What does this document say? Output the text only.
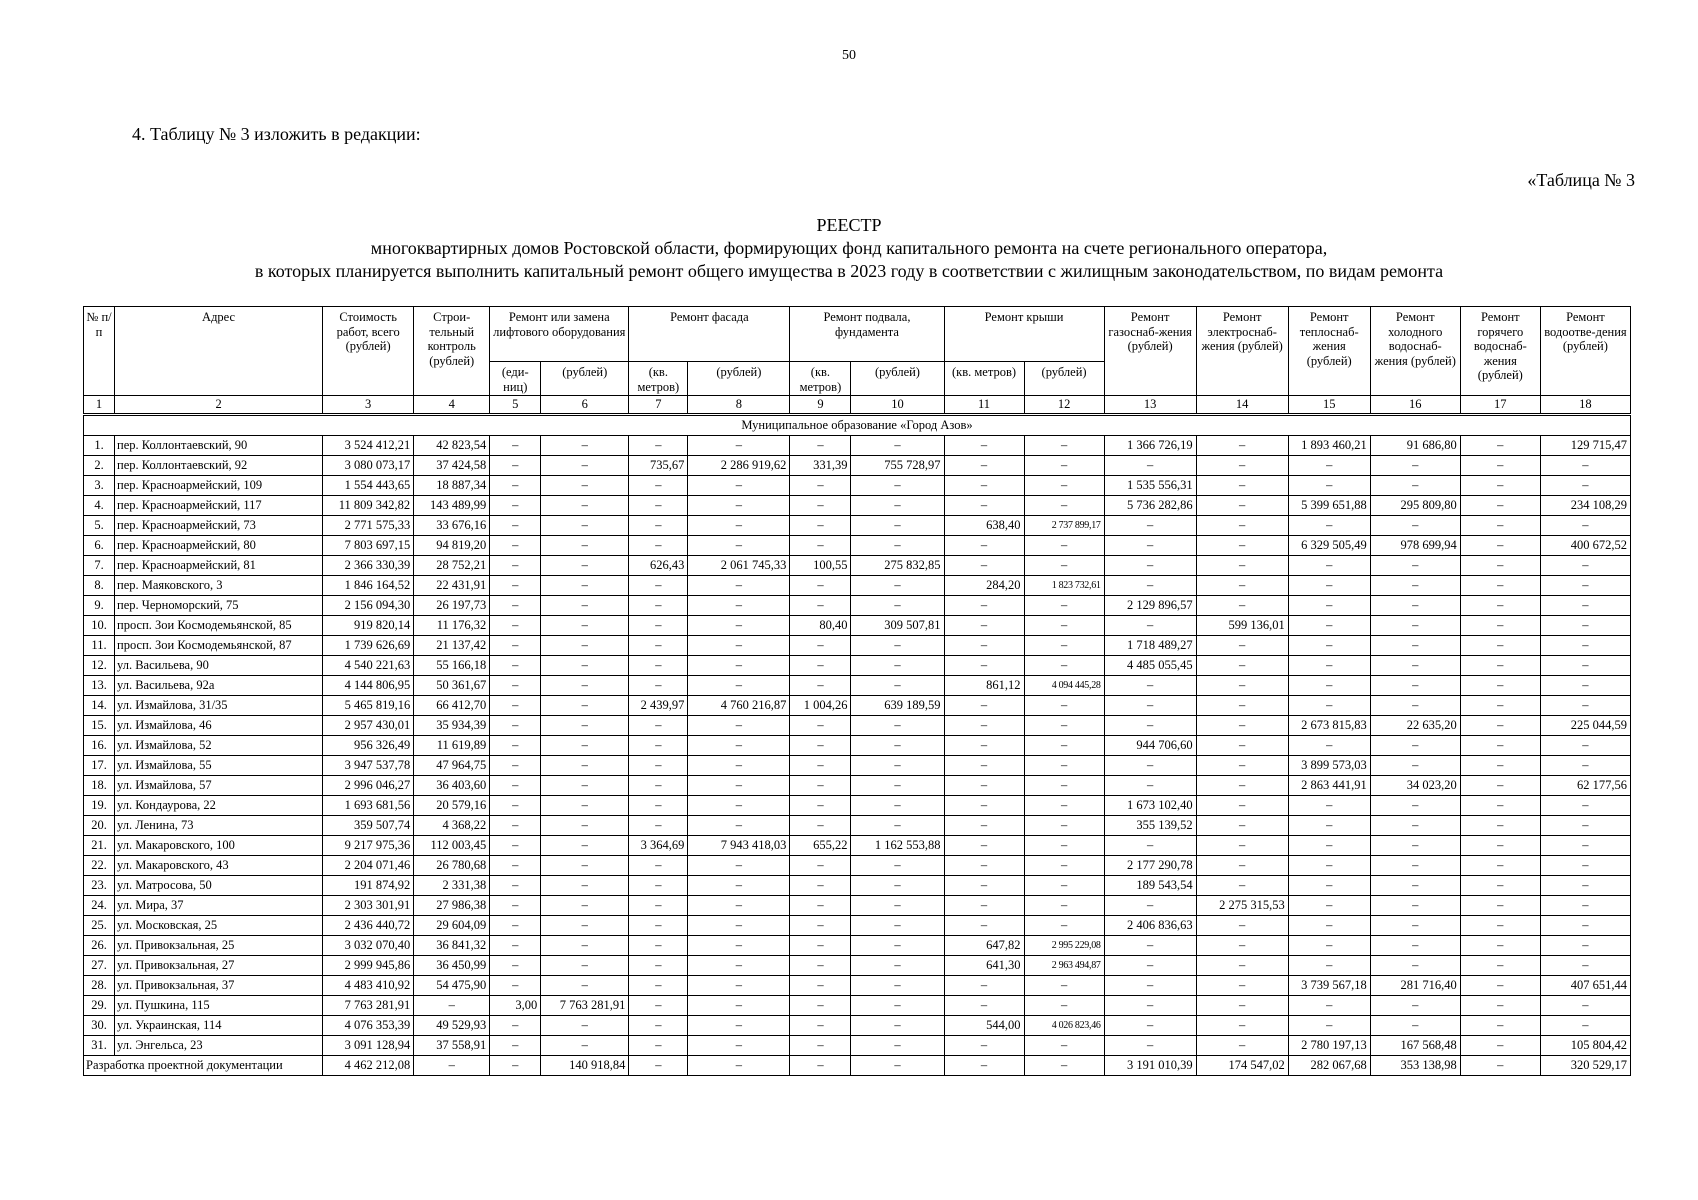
50
4. Таблицу № 3 изложить в редакции:
«Таблица № 3
РЕЕСТР
многоквартирных домов Ростовской области, формирующих фонд капитального ремонта на счете регионального оператора,
в которых планируется выполнить капитальный ремонт общего имущества в 2023 году в соответствии с жилищным законодательством, по видам ремонта
№ п/п	Адрес	Стоимость работ, всего (рублей)	Строи-тельный контроль (рублей)	Ремонт или замена лифтового оборудования		Ремонт фасада		Ремонт подвала, фундамента		Ремонт крыши		Ремонт газоснаб-жения (рублей)	Ремонт электроснаб-жения (рублей)	Ремонт теплоснаб-жения (рублей)	Ремонт холодного водоснаб-жения (рублей)	Ремонт горячего водоснаб-жения (рублей)	Ремонт водоотве-дения (рублей)
				(еди-ниц)	(рублей)	(кв. метров)	(рублей)	(кв. метров)	(рублей)	(кв. метров)	(рублей)						
1	2	3	4	5	6	7	8	9	10	11	12	13	14	15	16	17	18
Муниципальное образование «Город Азов»																	
1.	пер. Коллонтаевский, 90	3 524 412,21	42 823,54	–	–	–	–	–	–	–	–	1 366 726,19	–	1 893 460,21	91 686,80	–	129 715,47
2.	пер. Коллонтаевский, 92	3 080 073,17	37 424,58	–	–	735,67	2 286 919,62	331,39	755 728,97	–	–	–	–	–	–	–	–
3.	пер. Красноармейский, 109	1 554 443,65	18 887,34	–	–	–	–	–	–	–	–	1 535 556,31	–	–	–	–	–
4.	пер. Красноармейский, 117	11 809 342,82	143 489,99	–	–	–	–	–	–	–	–	5 736 282,86	–	5 399 651,88	295 809,80	–	234 108,29
5.	пер. Красноармейский, 73	2 771 575,33	33 676,16	–	–	–	–	–	–	638,40	2 737 899,17	–	–	–	–	–	–
6.	пер. Красноармейский, 80	7 803 697,15	94 819,20	–	–	–	–	–	–	–	–	–	–	6 329 505,49	978 699,94	–	400 672,52
7.	пер. Красноармейский, 81	2 366 330,39	28 752,21	–	–	626,43	2 061 745,33	100,55	275 832,85	–	–	–	–	–	–	–	–
8.	пер. Маяковского, 3	1 846 164,52	22 431,91	–	–	–	–	–	–	284,20	1 823 732,61	–	–	–	–	–	–
9.	пер. Черноморский, 75	2 156 094,30	26 197,73	–	–	–	–	–	–	–	–	2 129 896,57	–	–	–	–	–
10.	просп. Зои Космодемьянской, 85	919 820,14	11 176,32	–	–	–	–	80,40	309 507,81	–	–	–	599 136,01	–	–	–	–
11.	просп. Зои Космодемьянской, 87	1 739 626,69	21 137,42	–	–	–	–	–	–	–	–	1 718 489,27	–	–	–	–	–
12.	ул. Васильева, 90	4 540 221,63	55 166,18	–	–	–	–	–	–	–	–	4 485 055,45	–	–	–	–	–
13.	ул. Васильева, 92а	4 144 806,95	50 361,67	–	–	–	–	–	–	861,12	4 094 445,28	–	–	–	–	–	–
14.	ул. Измайлова, 31/35	5 465 819,16	66 412,70	–	–	2 439,97	4 760 216,87	1 004,26	639 189,59	–	–	–	–	–	–	–	–
15.	ул. Измайлова, 46	2 957 430,01	35 934,39	–	–	–	–	–	–	–	–	–	–	2 673 815,83	22 635,20	–	225 044,59
16.	ул. Измайлова, 52	956 326,49	11 619,89	–	–	–	–	–	–	–	–	944 706,60	–	–	–	–	–
17.	ул. Измайлова, 55	3 947 537,78	47 964,75	–	–	–	–	–	–	–	–	–	–	3 899 573,03	–	–	–
18.	ул. Измайлова, 57	2 996 046,27	36 403,60	–	–	–	–	–	–	–	–	–	–	2 863 441,91	34 023,20	–	62 177,56
19.	ул. Кондаурова, 22	1 693 681,56	20 579,16	–	–	–	–	–	–	–	–	1 673 102,40	–	–	–	–	–
20.	ул. Ленина, 73	359 507,74	4 368,22	–	–	–	–	–	–	–	–	355 139,52	–	–	–	–	–
21.	ул. Макаровского, 100	9 217 975,36	112 003,45	–	–	3 364,69	7 943 418,03	655,22	1 162 553,88	–	–	–	–	–	–	–	–
22.	ул. Макаровского, 43	2 204 071,46	26 780,68	–	–	–	–	–	–	–	–	2 177 290,78	–	–	–	–	–
23.	ул. Матросова, 50	191 874,92	2 331,38	–	–	–	–	–	–	–	–	189 543,54	–	–	–	–	–
24.	ул. Мира, 37	2 303 301,91	27 986,38	–	–	–	–	–	–	–	–	–	2 275 315,53	–	–	–	–
25.	ул. Московская, 25	2 436 440,72	29 604,09	–	–	–	–	–	–	–	–	2 406 836,63	–	–	–	–	–
26.	ул. Привокзальная, 25	3 032 070,40	36 841,32	–	–	–	–	–	–	647,82	2 995 229,08	–	–	–	–	–	–
27.	ул. Привокзальная, 27	2 999 945,86	36 450,99	–	–	–	–	–	–	641,30	2 963 494,87	–	–	–	–	–	–
28.	ул. Привокзальная, 37	4 483 410,92	54 475,90	–	–	–	–	–	–	–	–	–	–	3 739 567,18	281 716,40	–	407 651,44
29.	ул. Пушкина, 115	7 763 281,91	–	3,00	7 763 281,91	–	–	–	–	–	–	–	–	–	–	–	–
30.	ул. Украинская, 114	4 076 353,39	49 529,93	–	–	–	–	–	–	544,00	4 026 823,46	–	–	–	–	–	–
31.	ул. Энгельса, 23	3 091 128,94	37 558,91	–	–	–	–	–	–	–	–	–	–	2 780 197,13	167 568,48	–	105 804,42
Разработка проектной документации		4 462 212,08	–	–	140 918,84	–	–	–	–	–	–	3 191 010,39	174 547,02	282 067,68	353 138,98	–	320 529,17
